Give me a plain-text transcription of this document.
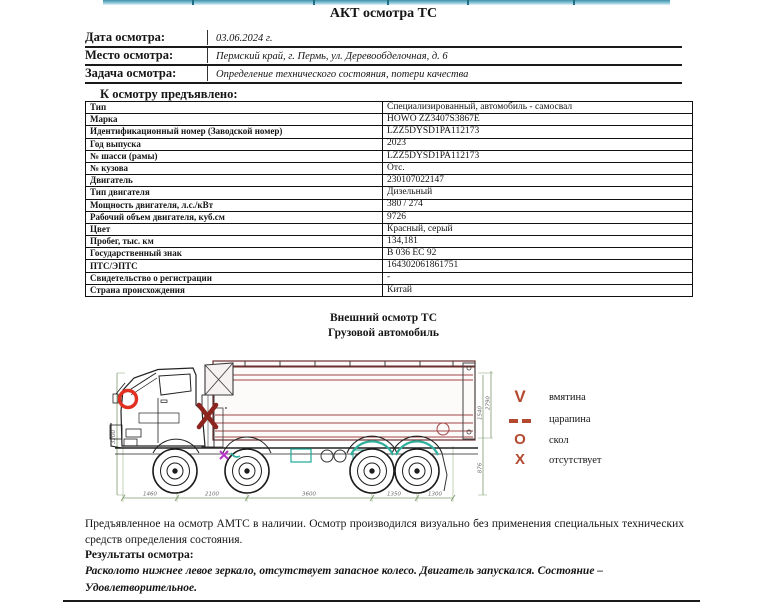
АКТ осмотра ТС
Дата осмотра:	03.06.2024 г.
Место осмотра:	Пермский край, г. Пермь, ул. Деревообделочная, д. 6
Задача осмотра:	Определение технического состояния, потери качества
К осмотру предъявлено:
Тип	Специализированный, автомобиль - самосвал
Марка	HOWO ZZ3407S3867E
Идентификационный номер (Заводской номер)	LZZ5DYSD1PA112173
Год выпуска	2023
№ шасси (рамы)	LZZ5DYSD1PA112173
№ кузова	Отс.
Двигатель	230107022147
Тип двигателя	Дизельный
Мощность двигателя, л.с./кВт	380 / 274
Рабочий объем двигателя, куб.см	9726
Цвет	Красный, серый
Пробег, тыс. км	134,181
Государственный знак	В 036 ЕС 92
ПТС/ЭПТС	164302061861751
Свидетельство о регистрации	-
Страна происхождения	Китай
Внешний осмотр ТС
Грузовой автомобиль
1460	2100	3600	1350	1300
3200
2790
1540
876
V	вмятина
царапина
O	скол
X	отсутствует
Предъявленное на осмотр АМТС в наличии. Осмотр производился визуально без применения специальных технических средств определения состояния.
Результаты осмотра:
Расколото нижнее левое зеркало, отсутствует запасное колесо. Двигатель запускался. Состояние – Удовлетворительное.
